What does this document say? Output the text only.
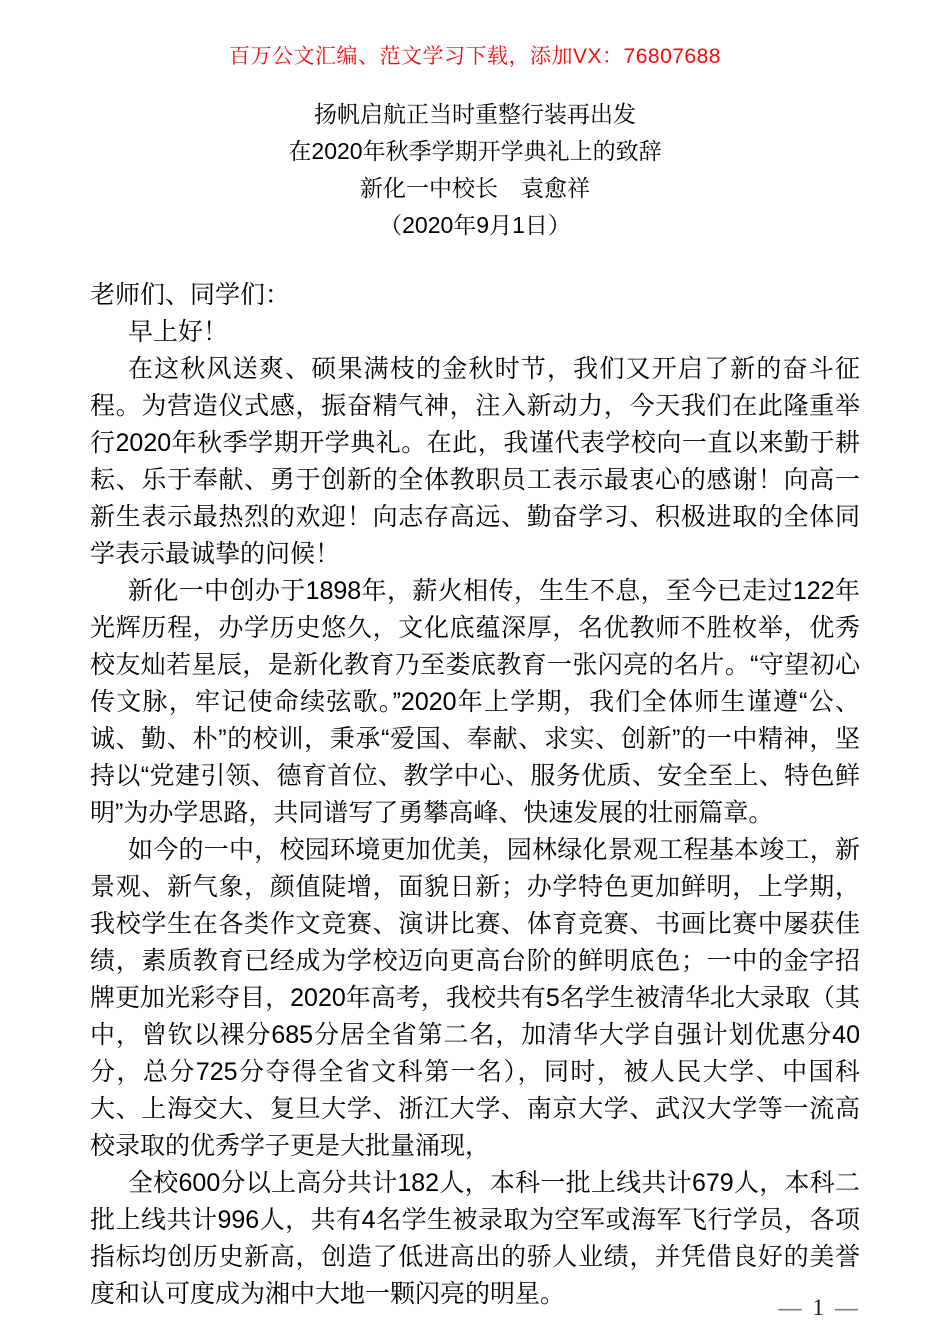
百万公文汇编、范文学习下载，添加VX：76807688

扬帆启航正当时重整行装再出发

在2020年秋季学期开学典礼上的致辞

新化一中校长　袁愈祥

（2020年9月1日）

老师们、同学们：

早上好！

在这秋风送爽、硕果满枝的金秋时节，我们又开启了新的奋斗征程。为营造仪式感，振奋精气神，注入新动力，今天我们在此隆重举行2020年秋季学期开学典礼。在此，我谨代表学校向一直以来勤于耕耘、乐于奉献、勇于创新的全体教职员工表示最衷心的感谢！向高一新生表示最热烈的欢迎！向志存高远、勤奋学习、积极进取的全体同学表示最诚挚的问候！

新化一中创办于1898年，薪火相传，生生不息，至今已走过122年光辉历程，办学历史悠久，文化底蕴深厚，名优教师不胜枚举，优秀校友灿若星辰，是新化教育乃至娄底教育一张闪亮的名片。“守望初心传文脉，牢记使命续弦歌。”2020年上学期，我们全体师生谨遵“公、诚、勤、朴”的校训，秉承“爱国、奉献、求实、创新”的一中精神，坚持以“党建引领、德育首位、教学中心、服务优质、安全至上、特色鲜明”为办学思路，共同谱写了勇攀高峰、快速发展的壮丽篇章。

如今的一中，校园环境更加优美，园林绿化景观工程基本竣工，新景观、新气象，颜值陡增，面貌日新；办学特色更加鲜明，上学期，我校学生在各类作文竞赛、演讲比赛、体育竞赛、书画比赛中屡获佳绩，素质教育已经成为学校迈向更高台阶的鲜明底色；一中的金字招牌更加光彩夺目，2020年高考，我校共有5名学生被清华北大录取（其中，曾钦以裸分685分居全省第二名，加清华大学自强计划优惠分40分，总分725分夺得全省文科第一名），同时，被人民大学、中国科大、上海交大、复旦大学、浙江大学、南京大学、武汉大学等一流高校录取的优秀学子更是大批量涌现，

全校600分以上高分共计182人，本科一批上线共计679人，本科二批上线共计996人，共有4名学生被录取为空军或海军飞行学员，各项指标均创历史新高，创造了低进高出的骄人业绩，并凭借良好的美誉度和认可度成为湘中大地一颗闪亮的明星。	— 1 —
